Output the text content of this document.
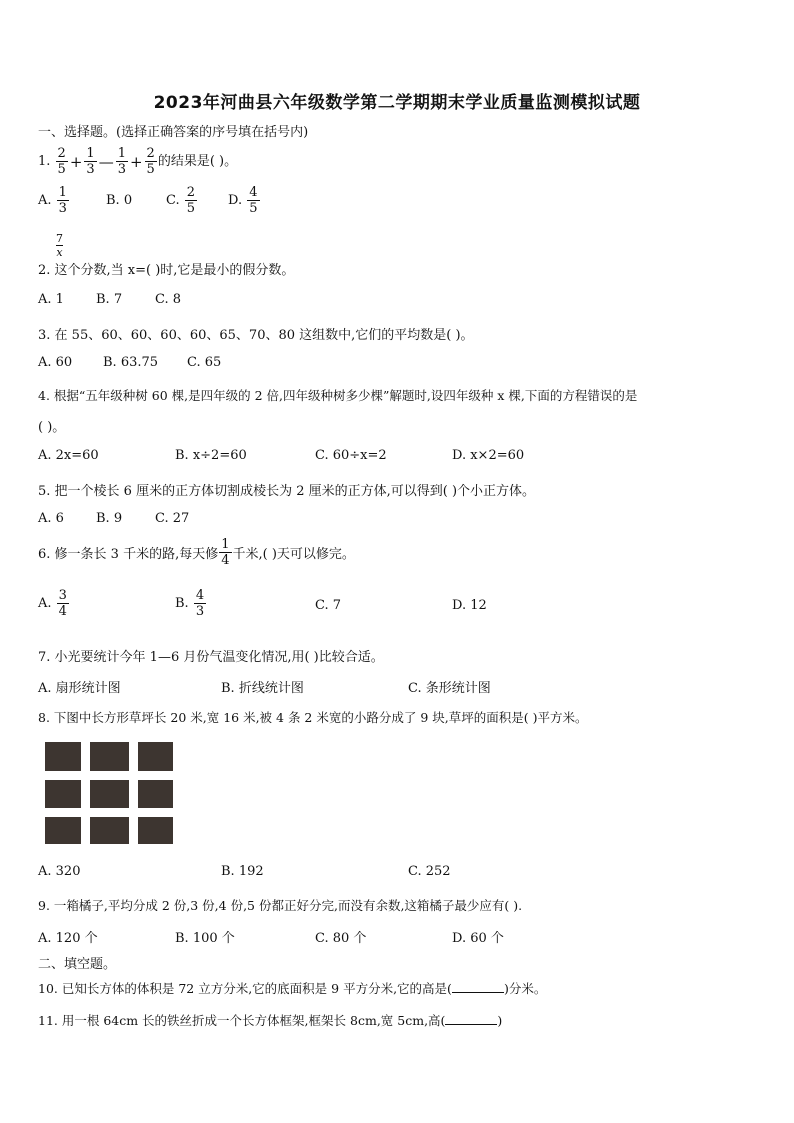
2023年河曲县六年级数学第二学期期末学业质量监测模拟试题
一、选择题。(选择正确答案的序号填在括号内)
1. $\frac{2}{5} + \frac{1}{3}$ — $\frac{1}{3} + \frac{2}{5}$ 的结果是( )。
A. $\frac{1}{3}$	B. 0	C. $\frac{2}{5} D$. $\frac{4}{5}$
7
x
2. 这个分数,当 x=( )时,它是最小的假分数。
A. 1 B. 7	C. 8
3. 在 55、60、60、60、60、65、70、80 这组数中,它们的平均数是( )。
A. 60 B. 63.75 C. 65
4. 根据“五年级种树 60 棵,是四年级的 2 倍,四年级种树多少棵”解题时,设四年级种 x 棵,下面的方程错误的是
( )。
A. 2x=60	B. x÷2=60	C. 60÷x=2	D. x×2=60
5. 把一个棱长 6 厘米的正方体切割成棱长为 2 厘米的正方体,可以得到( )个小正方体。
A. 6 B. 9	C. 27
6. 修一条长 3 千米的路,每天修 $\frac{1}{4}$ 千米,( )天可以修完。
A. $\frac{3}{4}$	B. $\frac{4}{3}$	C. 7	D. 12
7. 小光要统计今年 1—6 月份气温变化情况,用( )比较合适。
A. 扇形统计图	B. 折线统计图	C. 条形统计图
8. 下图中长方形草坪长 20 米,宽 16 米,被 4 条 2 米宽的小路分成了 9 块,草坪的面积是( )平方米。
A. 320	B. 192	C. 252
9. 一箱橘子,平均分成 2 份,3 份,4 份,5 份都正好分完,而没有余数,这箱橘子最少应有( ).
A. 120 个	B. 100 个	C. 80 个	D. 60 个
二、填空题。
10. 已知长方体的体积是 72 立方分米,它的底面积是 9 平方分米,它的高是(	)分米。
11. 用一根 64cm 长的铁丝折成一个长方体框架,框架长 8cm,宽 5cm,高(	)
